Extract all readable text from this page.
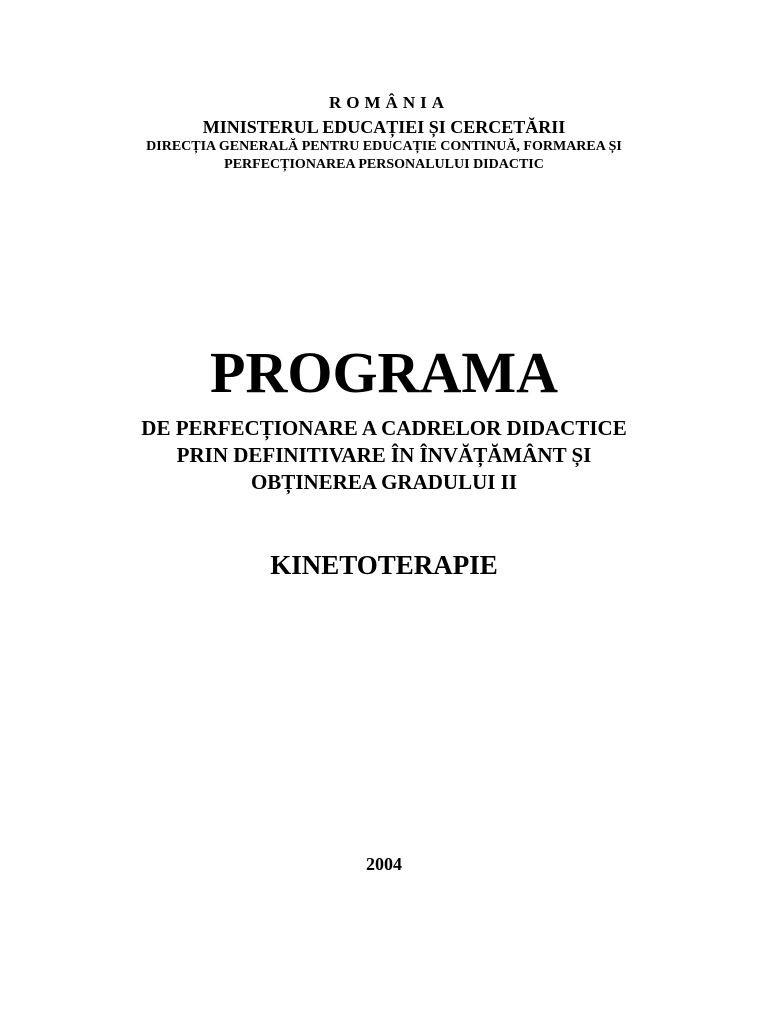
ROMÂNIA

MINISTERUL EDUCAȚIEI ȘI CERCETĂRII

DIRECȚIA GENERALĂ PENTRU EDUCAȚIE CONTINUĂ, FORMAREA ȘI

PERFECȚIONAREA PERSONALULUI DIDACTIC

PROGRAMA

DE PERFECȚIONARE A CADRELOR DIDACTICE

PRIN DEFINITIVARE ÎN ÎNVĂȚĂMÂNT ȘI

OBȚINEREA GRADULUI II

KINETOTERAPIE

2004
